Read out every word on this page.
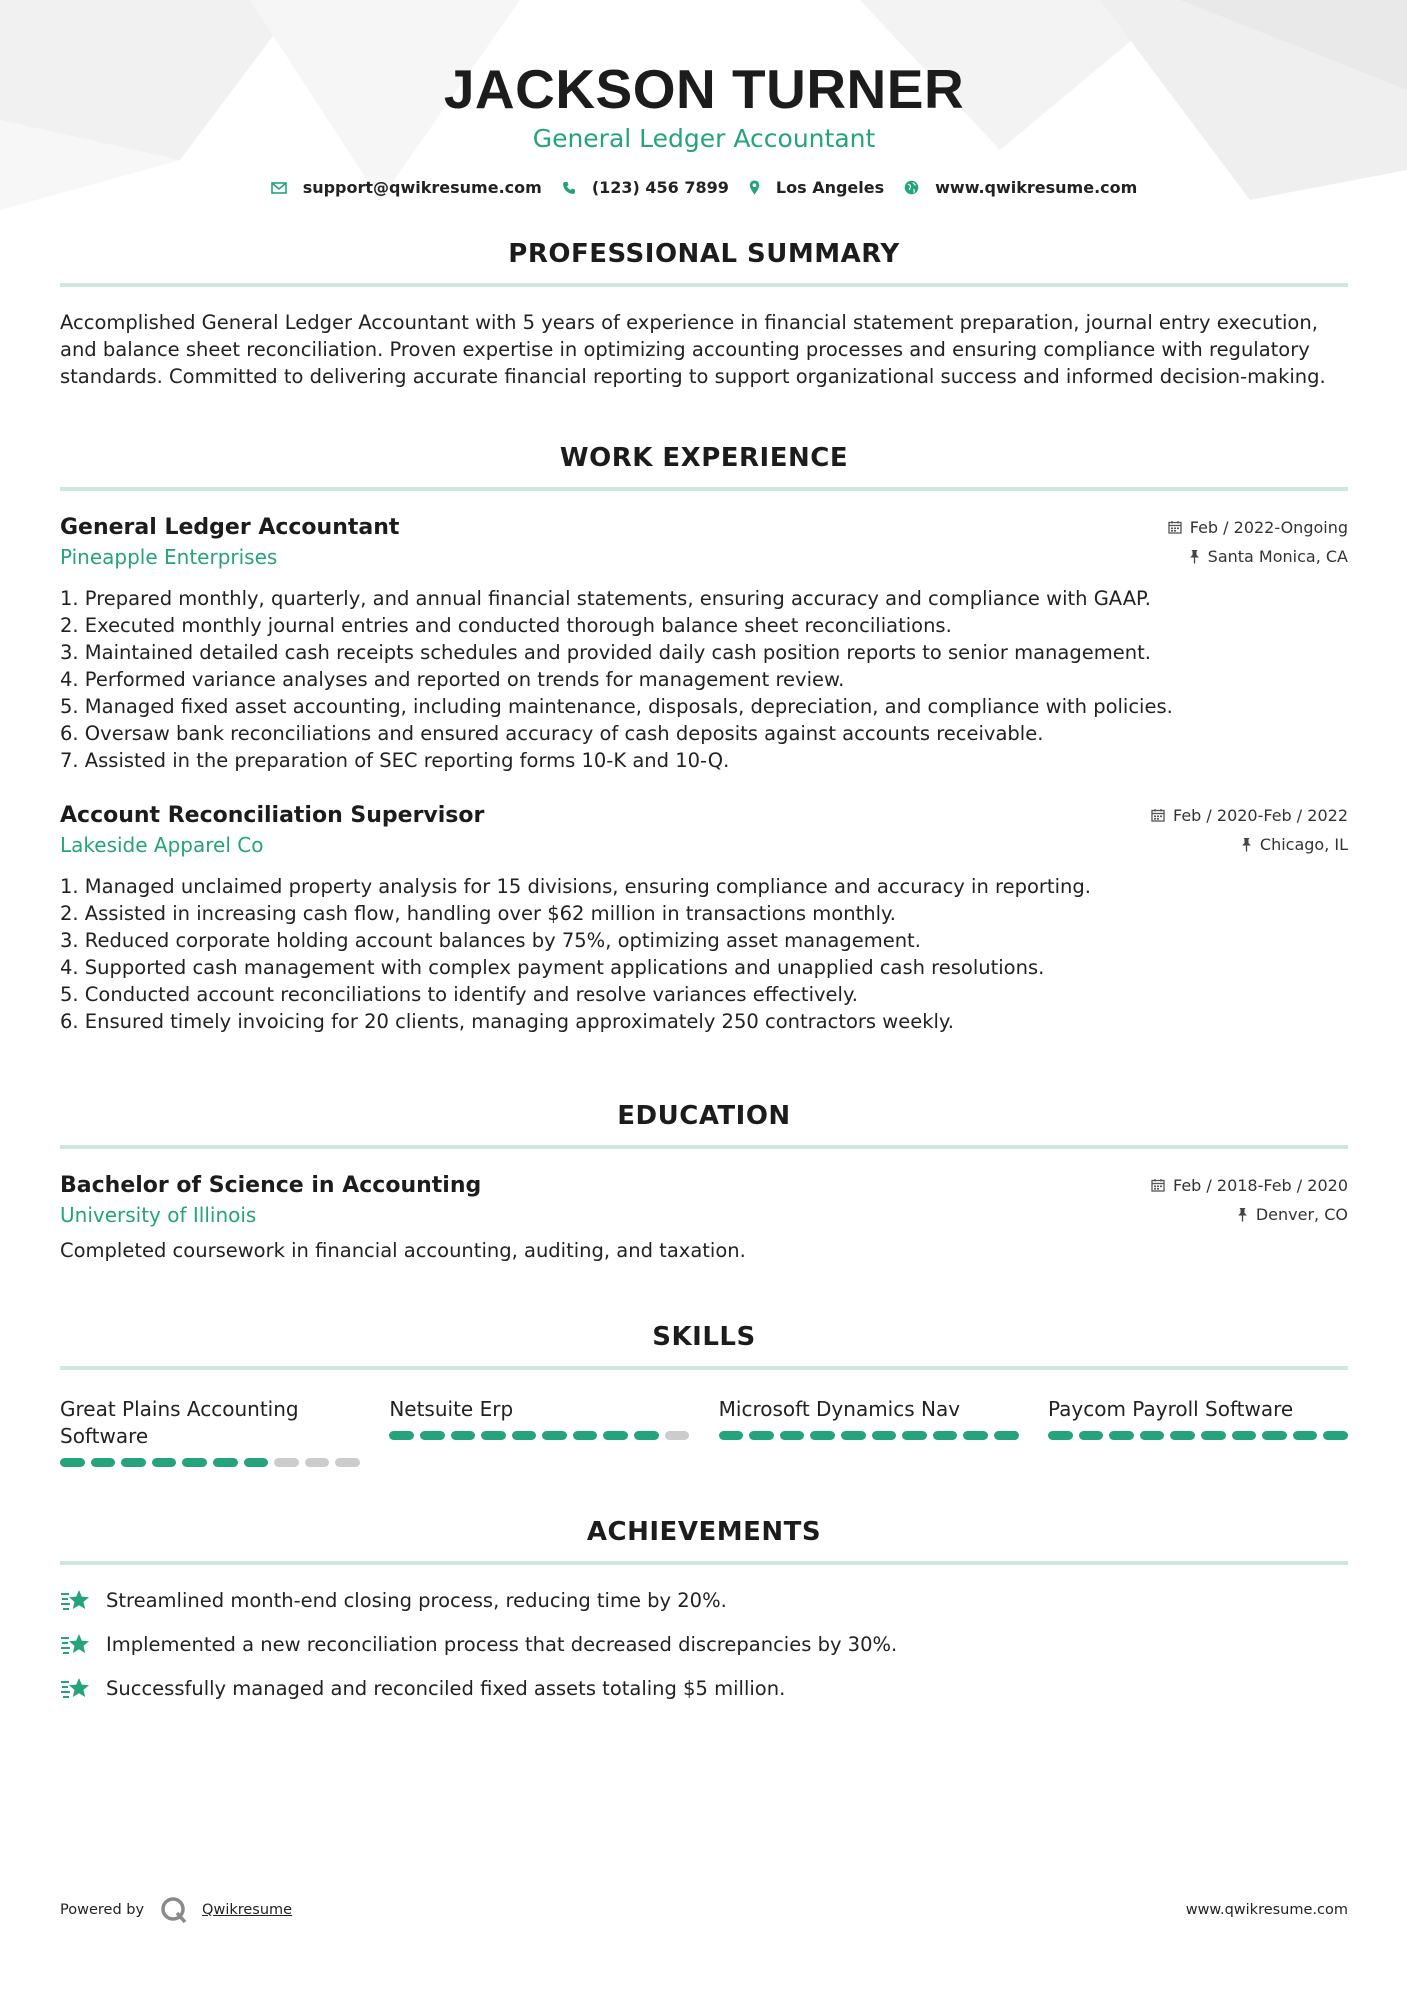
JACKSON TURNER
General Ledger Accountant
support@qwikresume.com	(123) 456 7899	Los Angeles	www.qwikresume.com
PROFESSIONAL SUMMARY
Accomplished General Ledger Accountant with 5 years of experience in financial statement preparation, journal entry execution, and balance sheet reconciliation. Proven expertise in optimizing accounting processes and ensuring compliance with regulatory standards. Committed to delivering accurate financial reporting to support organizational success and informed decision-making.
WORK EXPERIENCE
General Ledger Accountant	Feb / 2022-Ongoing
Pineapple Enterprises	Santa Monica, CA
1. Prepared monthly, quarterly, and annual financial statements, ensuring accuracy and compliance with GAAP.
2. Executed monthly journal entries and conducted thorough balance sheet reconciliations.
3. Maintained detailed cash receipts schedules and provided daily cash position reports to senior management.
4. Performed variance analyses and reported on trends for management review.
5. Managed fixed asset accounting, including maintenance, disposals, depreciation, and compliance with policies.
6. Oversaw bank reconciliations and ensured accuracy of cash deposits against accounts receivable.
7. Assisted in the preparation of SEC reporting forms 10-K and 10-Q.
Account Reconciliation Supervisor	Feb / 2020-Feb / 2022
Lakeside Apparel Co	Chicago, IL
1. Managed unclaimed property analysis for 15 divisions, ensuring compliance and accuracy in reporting.
2. Assisted in increasing cash flow, handling over $62 million in transactions monthly.
3. Reduced corporate holding account balances by 75%, optimizing asset management.
4. Supported cash management with complex payment applications and unapplied cash resolutions.
5. Conducted account reconciliations to identify and resolve variances effectively.
6. Ensured timely invoicing for 20 clients, managing approximately 250 contractors weekly.
EDUCATION
Bachelor of Science in Accounting	Feb / 2018-Feb / 2020
University of Illinois	Denver, CO
Completed coursework in financial accounting, auditing, and taxation.
SKILLS
Great Plains Accounting Software
Netsuite Erp	Microsoft Dynamics Nav	Paycom Payroll Software
ACHIEVEMENTS
Streamlined month-end closing process, reducing time by 20%.
Implemented a new reconciliation process that decreased discrepancies by 30%.
Successfully managed and reconciled fixed assets totaling $5 million.
Powered by	Qwikresume	www.qwikresume.com
